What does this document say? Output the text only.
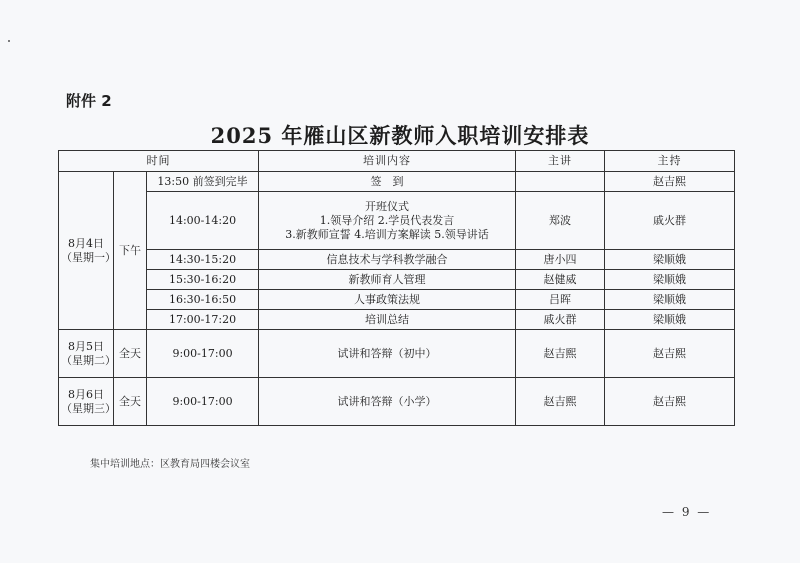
附件 2
2025 年雁山区新教师入职培训安排表
时间			培训内容	主讲	主持
8月4日（星期一）	下午	13:50 前签到完毕	签　到		赵吉熙
		14:00-14:20	开班仪式
1.领导介绍 2.学员代表发言
3.新教师宣誓 4.培训方案解读 5.领导讲话	郑波	戚火群
		14:30-15:20	信息技术与学科教学融合	唐小四	梁顺娥
		15:30-16:20	新教师育人管理	赵健威	梁顺娥
		16:30-16:50	人事政策法规	吕晖	梁顺娥
		17:00-17:20	培训总结	戚火群	梁顺娥
8月5日（星期二）	全天	9:00-17:00	试讲和答辩（初中）	赵吉熙	赵吉熙
8月6日（星期三）	全天	9:00-17:00	试讲和答辩（小学）	赵吉熙	赵吉熙
集中培训地点：区教育局四楼会议室
— 9 —
